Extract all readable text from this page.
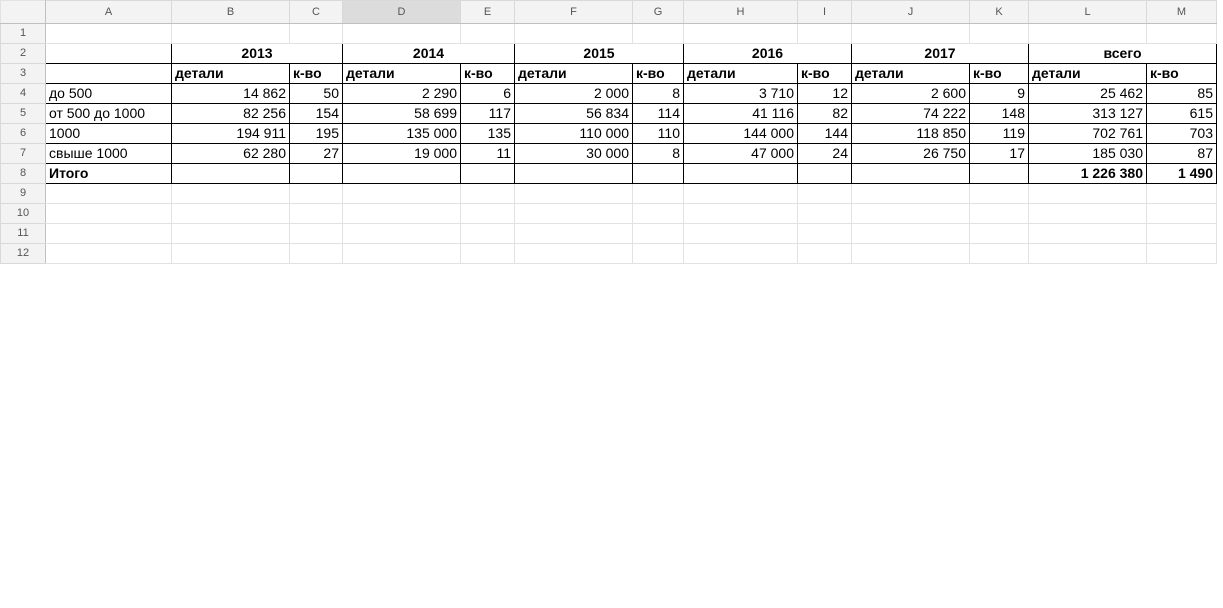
	A	B	C	D	E	F	G	H	I	J	K	L	M
1													
2		2013		2014		2015		2016		2017		всего	
3		детали	к-во	детали	к-во	детали	к-во	детали	к-во	детали	к-во	детали	к-во
4	до 500	14 862	50	2 290	6	2 000	8	3 710	12	2 600	9	25 462	85
5	от 500 до 1000	82 256	154	58 699	117	56 834	114	41 116	82	74 222	148	313 127	615
6	1000	194 911	195	135 000	135	110 000	110	144 000	144	118 850	119	702 761	703
7	свыше 1000	62 280	27	19 000	11	30 000	8	47 000	24	26 750	17	185 030	87
8	Итого											1 226 380	1 490
9													
10													
11													
12													
